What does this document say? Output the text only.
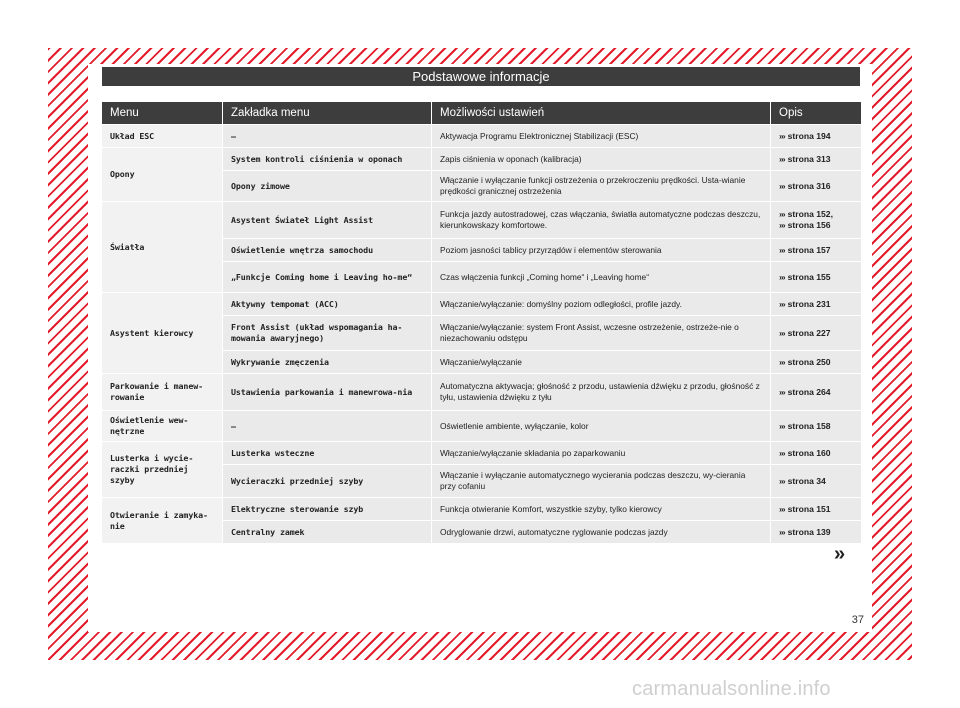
Podstawowe informacje
Menu	Zakładka menu	Możliwości ustawień	Opis
Układ ESC	–	Aktywacja Programu Elektronicznej Stabilizacji (ESC)	››› strona 194
Opony	System kontroli ciśnienia w oponach	Zapis ciśnienia w oponach (kalibracja)	››› strona 313
	Opony zimowe	Włączanie i wyłączanie funkcji ostrzeżenia o przekroczeniu prędkości. Usta-wianie prędkości granicznej ostrzeżenia	››› strona 316
Światła	Asystent Świateł Light Assist	Funkcja jazdy autostradowej, czas włączania, światła automatyczne podczas deszczu, kierunkowskazy komfortowe.	››› strona 152,
››› strona 156

	Oświetlenie wnętrza samochodu	Poziom jasności tablicy przyrządów i elementów sterowania	››› strona 157
	„Funkcje Coming home i Leaving ho-me“	Czas włączenia funkcji „Coming home“ i „Leaving home“	››› strona 155
Asystent kierowcy	Aktywny tempomat (ACC)	Włączanie/wyłączanie: domyślny poziom odległości, profile jazdy.	››› strona 231
	Front Assist (układ wspomagania ha-mowania awaryjnego)	Włączanie/wyłączanie: system Front Assist, wczesne ostrzeżenie, ostrzeże-nie o niezachowaniu odstępu	››› strona 227
	Wykrywanie zmęczenia	Włączanie/wyłączanie	››› strona 250
Parkowanie i manew-rowanie	Ustawienia parkowania i manewrowa-nia	Automatyczna aktywacja; głośność z przodu, ustawienia dźwięku z przodu, głośność z tyłu, ustawienia dźwięku z tyłu	››› strona 264
Oświetlenie wew-nętrzne	–	Oświetlenie ambiente, wyłączanie, kolor	››› strona 158
Lusterka i wycie-raczki przedniej szyby	Lusterka wsteczne	Włączanie/wyłączanie składania po zaparkowaniu	››› strona 160
	Wycieraczki przedniej szyby	Włączanie i wyłączanie automatycznego wycierania podczas deszczu, wy-cierania przy cofaniu	››› strona 34
Otwieranie i zamyka-nie	Elektryczne sterowanie szyb	Funkcja otwieranie Komfort, wszystkie szyby, tylko kierowcy	››› strona 151
	Centralny zamek	Odryglowanie drzwi, automatyczne ryglowanie podczas jazdy	››› strona 139
»
37
carmanualsonline.info
